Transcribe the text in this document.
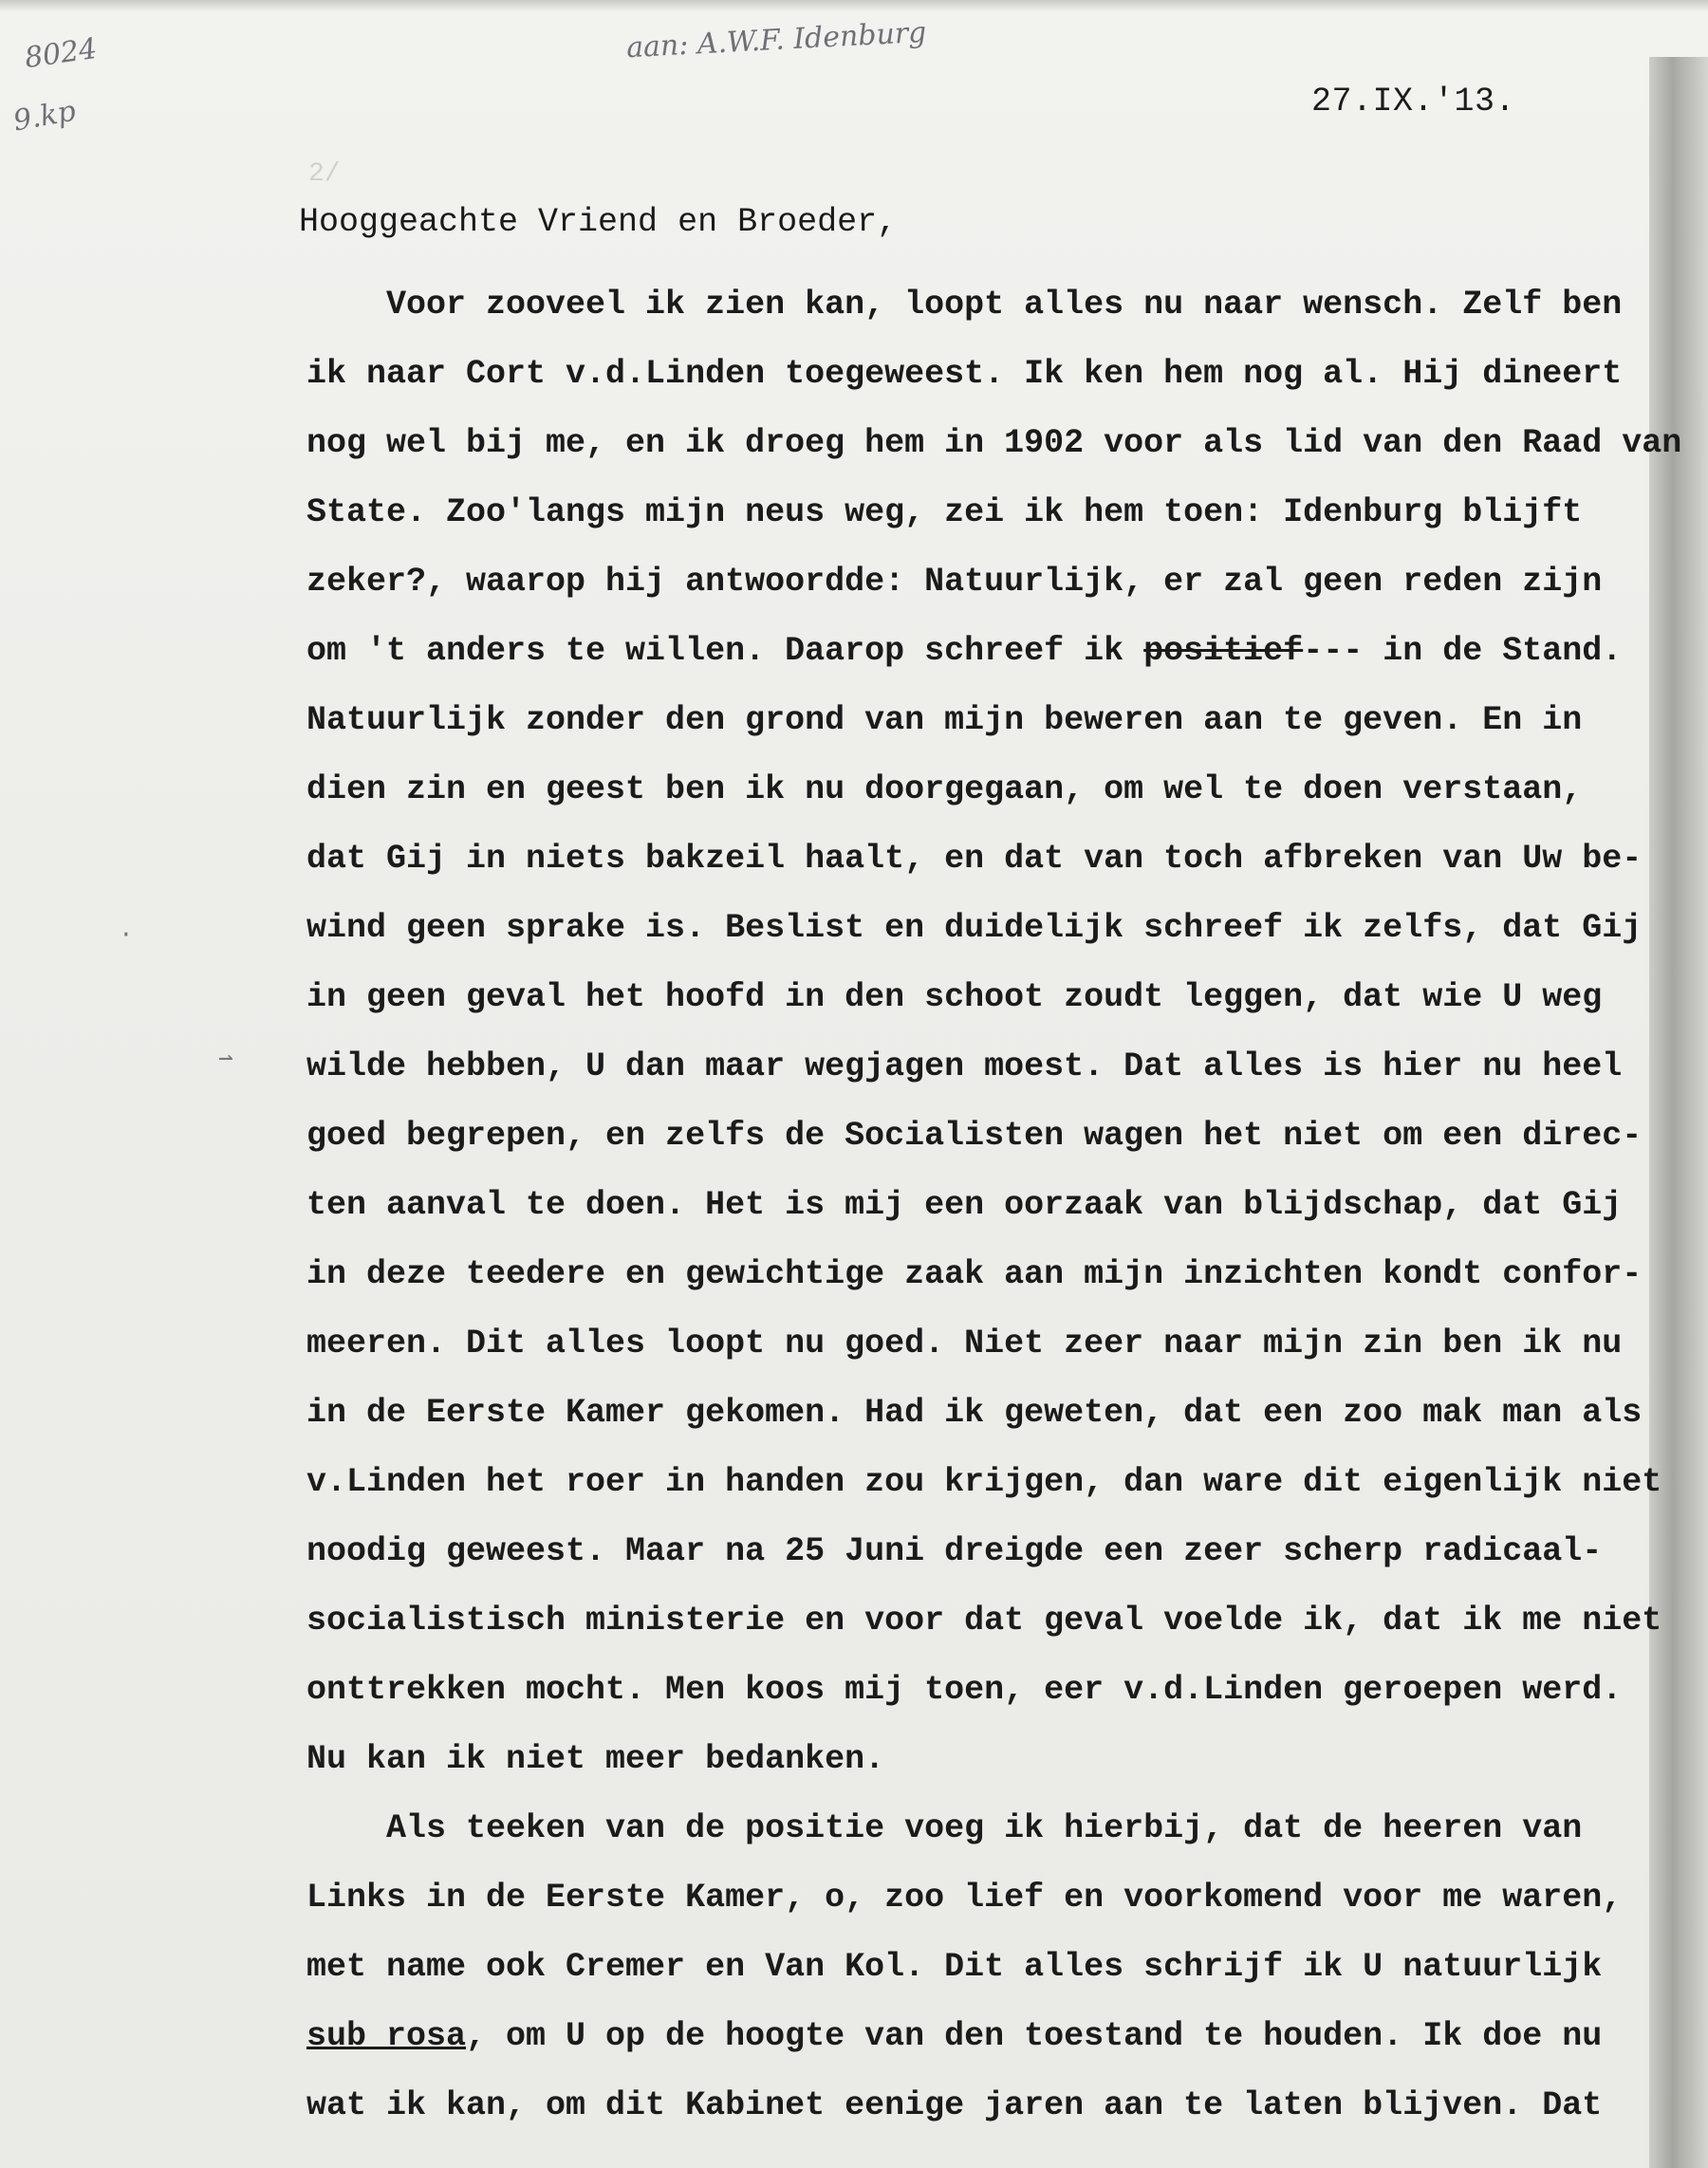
8024
9.kp
aan: A.W.F. Idenburg
27.IX.'13.
2/
Hooggeachte Vriend en Broeder,
·
⇀
Voor zooveel ik zien kan, loopt alles nu naar wensch. Zelf ben
ik naar Cort v.d.Linden toegeweest. Ik ken hem nog al. Hij dineert
nog wel bij me, en ik droeg hem in 1902 voor als lid van den Raad van
State. Zoo'langs mijn neus weg, zei ik hem toen: Idenburg blijft
zeker?, waarop hij antwoordde: Natuurlijk, er zal geen reden zijn
om 't anders te willen. Daarop schreef ik positief--- in de Stand.
Natuurlijk zonder den grond van mijn beweren aan te geven. En in
dien zin en geest ben ik nu doorgegaan, om wel te doen verstaan,
dat Gij in niets bakzeil haalt, en dat van toch afbreken van Uw be-
wind geen sprake is. Beslist en duidelijk schreef ik zelfs, dat Gij
in geen geval het hoofd in den schoot zoudt leggen, dat wie U weg
wilde hebben, U dan maar wegjagen moest. Dat alles is hier nu heel
goed begrepen, en zelfs de Socialisten wagen het niet om een direc-
ten aanval te doen. Het is mij een oorzaak van blijdschap, dat Gij
in deze teedere en gewichtige zaak aan mijn inzichten kondt confor-
meeren. Dit alles loopt nu goed. Niet zeer naar mijn zin ben ik nu
in de Eerste Kamer gekomen. Had ik geweten, dat een zoo mak man als
v.Linden het roer in handen zou krijgen, dan ware dit eigenlijk niet
noodig geweest. Maar na 25 Juni dreigde een zeer scherp radicaal-
socialistisch ministerie en voor dat geval voelde ik, dat ik me niet
onttrekken mocht. Men koos mij toen, eer v.d.Linden geroepen werd.
Nu kan ik niet meer bedanken.
Als teeken van de positie voeg ik hierbij, dat de heeren van
Links in de Eerste Kamer, o, zoo lief en voorkomend voor me waren,
met name ook Cremer en Van Kol. Dit alles schrijf ik U natuurlijk
sub rosa, om U op de hoogte van den toestand te houden. Ik doe nu
wat ik kan, om dit Kabinet eenige jaren aan te laten blijven. Dat
